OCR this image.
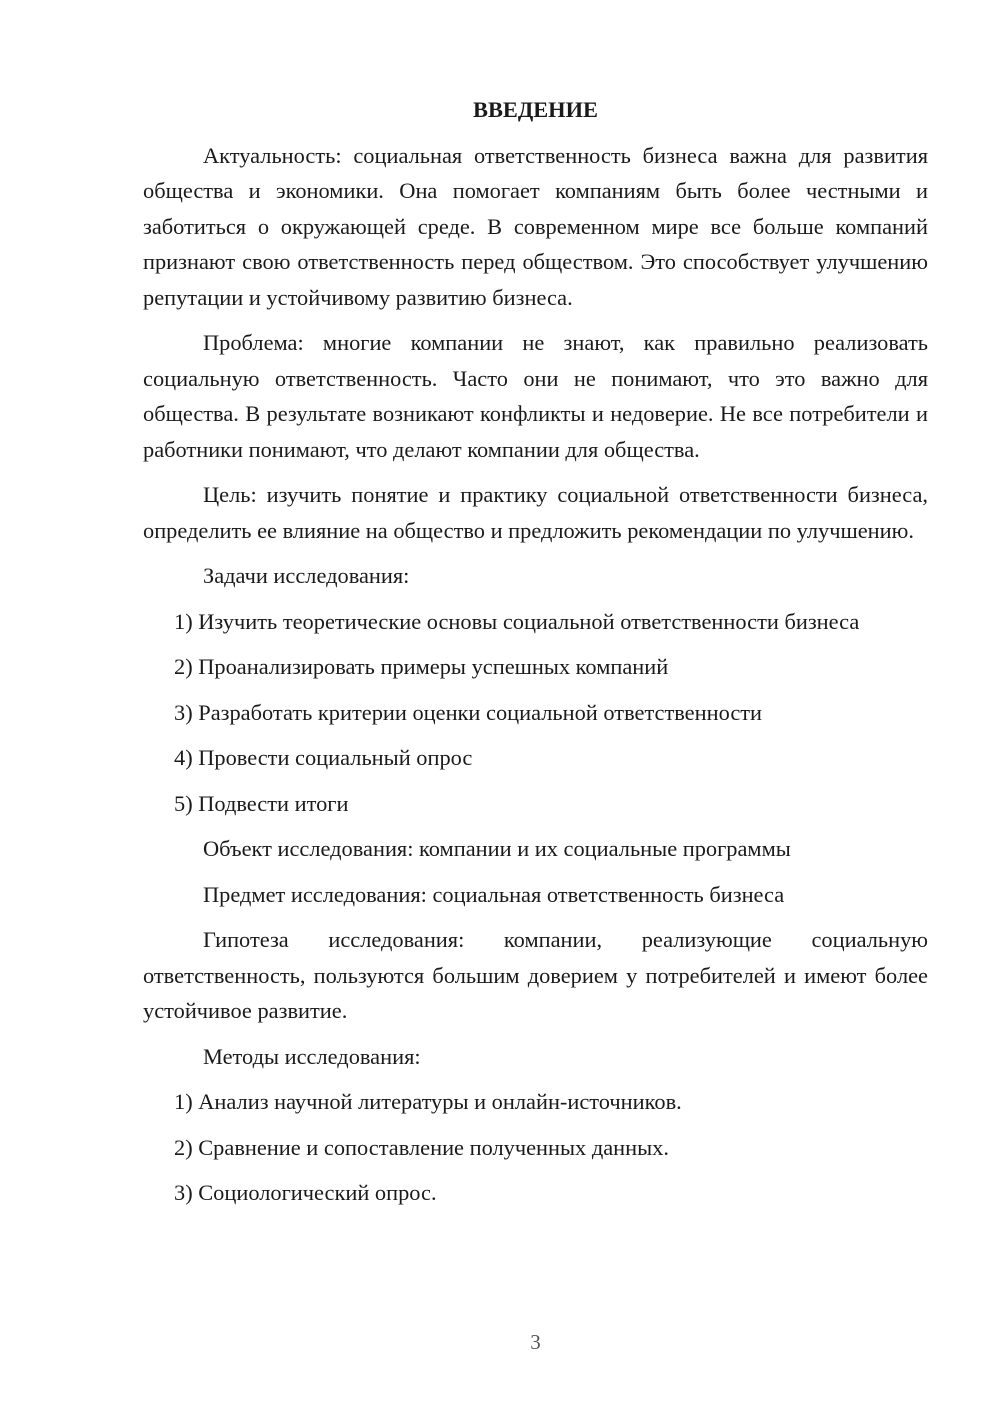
ВВЕДЕНИЕ
Актуальность: социальная ответственность бизнеса важна для развития общества и экономики. Она помогает компаниям быть более честными и заботиться о окружающей среде. В современном мире все больше компаний признают свою ответственность перед обществом. Это способствует улучшению репутации и устойчивому развитию бизнеса.
Проблема: многие компании не знают, как правильно реализовать социальную ответственность. Часто они не понимают, что это важно для общества. В результате возникают конфликты и недоверие. Не все потребители и работники понимают, что делают компании для общества.
Цель: изучить понятие и практику социальной ответственности бизнеса, определить ее влияние на общество и предложить рекомендации по улучшению.
Задачи исследования:
1) Изучить теоретические основы социальной ответственности бизнеса
2) Проанализировать примеры успешных компаний
3) Разработать критерии оценки социальной ответственности
4) Провести социальный опрос
5) Подвести итоги
Объект исследования: компании и их социальные программы
Предмет исследования: социальная ответственность бизнеса
Гипотеза исследования: компании, реализующие социальную ответственность, пользуются большим доверием у потребителей и имеют более устойчивое развитие.
Методы исследования:
1) Анализ научной литературы и онлайн-источников.
2) Сравнение и сопоставление полученных данных.
3) Социологический опрос.
3
